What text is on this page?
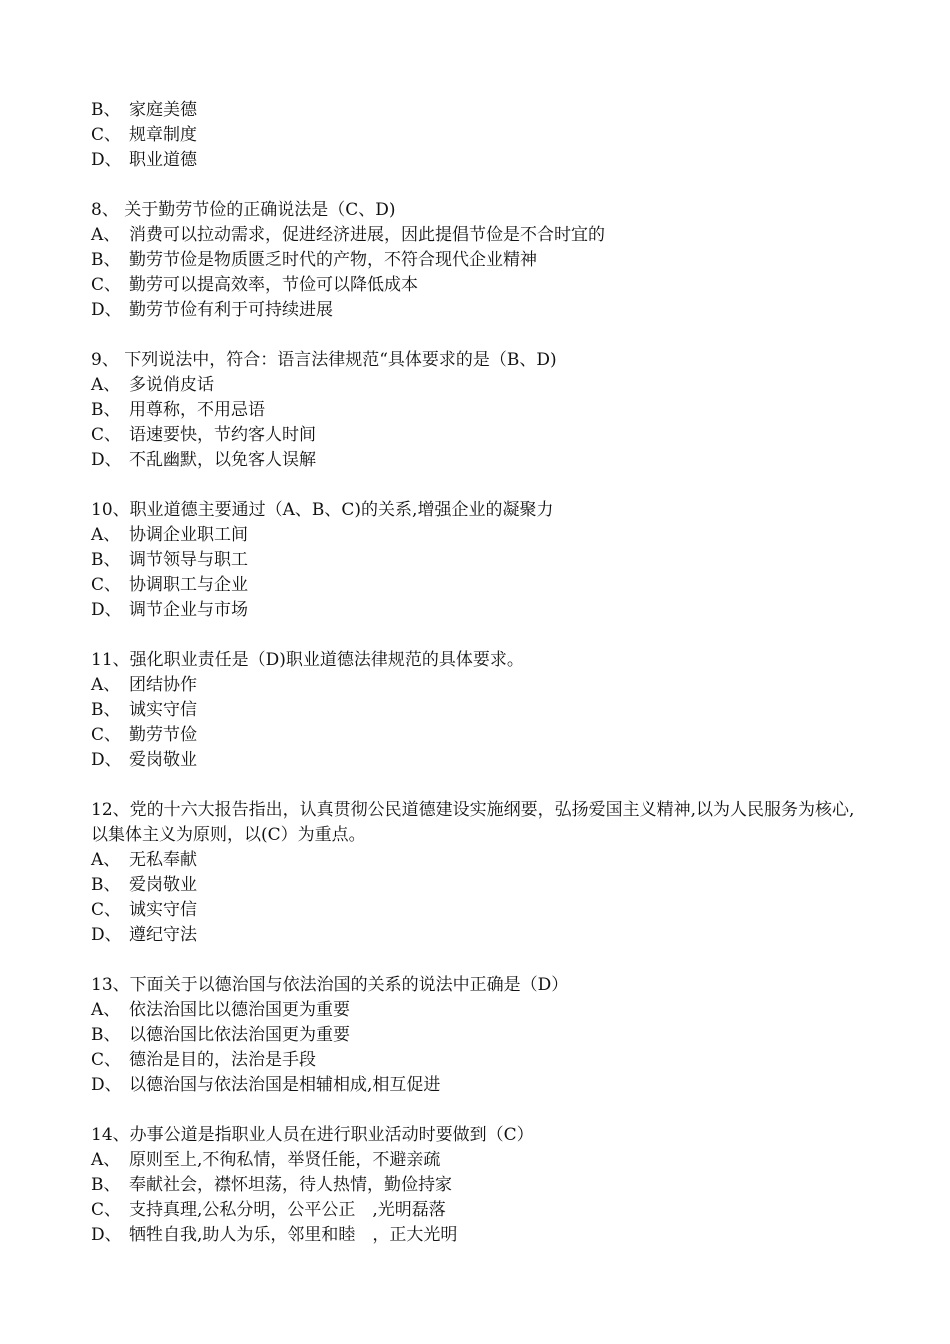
B、 家庭美德
C、 规章制度
D、 职业道德
8、 关于勤劳节俭的正确说法是（C、D)
A、 消费可以拉动需求，促进经济进展，因此提倡节俭是不合时宜的
B、 勤劳节俭是物质匮乏时代的产物，不符合现代企业精神
C、 勤劳可以提高效率，节俭可以降低成本
D、 勤劳节俭有利于可持续进展
9、 下列说法中，符合：语言法律规范“具体要求的是（B、D)
A、 多说俏皮话
B、 用尊称，不用忌语
C、 语速要快，节约客人时间
D、 不乱幽默，以免客人误解
10、职业道德主要通过（A、B、C)的关系,增强企业的凝聚力
A、 协调企业职工间
B、 调节领导与职工
C、 协调职工与企业
D、 调节企业与市场
11、强化职业责任是（D)职业道德法律规范的具体要求。
A、 团结协作
B、 诚实守信
C、 勤劳节俭
D、 爱岗敬业
12、党的十六大报告指出，认真贯彻公民道德建设实施纲要，弘扬爱国主义精神,以为人民服务为核心,以集体主义为原则，以(C）为重点。
A、 无私奉献
B、 爱岗敬业
C、 诚实守信
D、 遵纪守法
13、下面关于以德治国与依法治国的关系的说法中正确是（D）
A、 依法治国比以德治国更为重要
B、 以德治国比依法治国更为重要
C、 德治是目的，法治是手段
D、 以德治国与依法治国是相辅相成,相互促进
14、办事公道是指职业人员在进行职业活动时要做到（C）
A、 原则至上,不徇私情，举贤任能，不避亲疏
B、 奉献社会，襟怀坦荡，待人热情，勤俭持家
C、 支持真理,公私分明，公平公正　,光明磊落
D、 牺牲自我,助人为乐，邻里和睦　，正大光明
